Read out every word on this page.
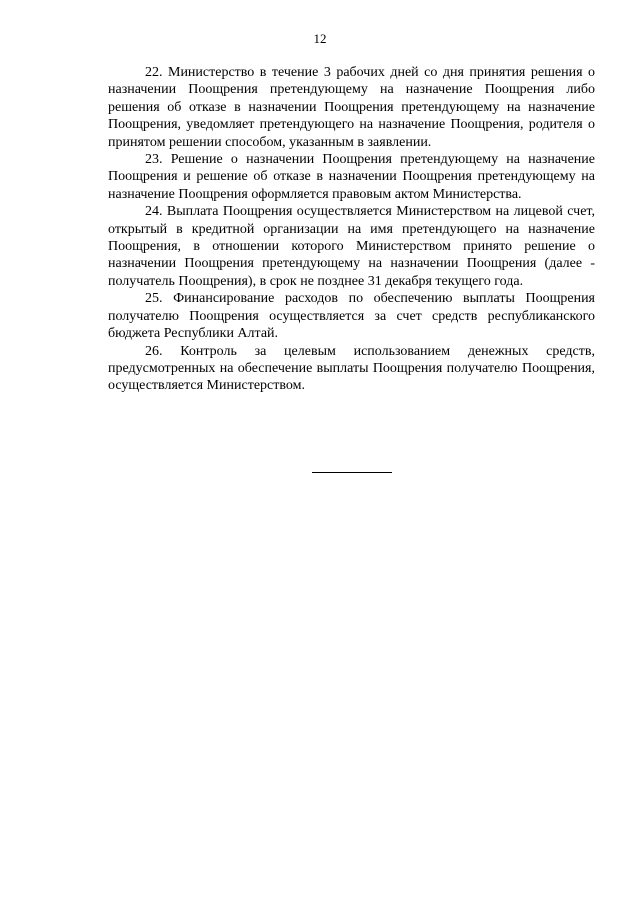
12

22. Министерство в течение 3 рабочих дней со дня принятия решения о назначении Поощрения претендующему на назначение Поощрения либо решения об отказе в назначении Поощрения претендующему на назначение Поощрения, уведомляет претендующего на назначение Поощрения, родителя о принятом решении способом, указанным в заявлении.

23. Решение о назначении Поощрения претендующему на назначение Поощрения и решение об отказе в назначении Поощрения претендующему на назначение Поощрения оформляется правовым актом Министерства.

24. Выплата Поощрения осуществляется Министерством на лицевой счет, открытый в кредитной организации на имя претендующего на назначение Поощрения, в отношении которого Министерством принято решение о назначении Поощрения претендующему на назначении Поощрения (далее - получатель Поощрения), в срок не позднее 31 декабря текущего года.

25. Финансирование расходов по обеспечению выплаты Поощрения получателю Поощрения осуществляется за счет средств республиканского бюджета Республики Алтай.

26. Контроль за целевым использованием денежных средств, предусмотренных на обеспечение выплаты Поощрения получателю Поощрения, осуществляется Министерством.
